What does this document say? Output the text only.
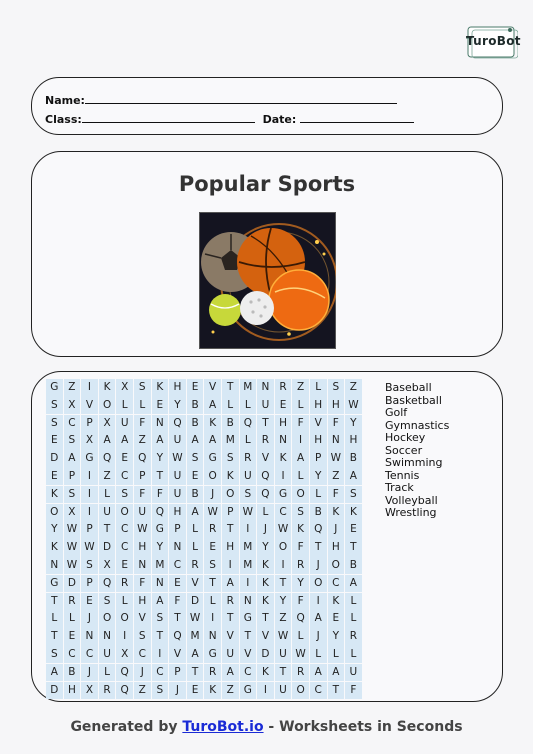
TuroBot
Name:
Class:	Date:
Popular Sports
G Z	I	K	X	S	K H E	V	T M N R Z	L	S	Z
S	X V O	L	L	E	Y	B A	L	L	U E	L	H H W
S	C	P	X U	F	N Q B	K	B Q T H	F	V	F	Y
E	S	X A A Z A U A A M L	R N	I	H N H
D A G Q E Q Y W S G S	R V	K	A	P W B
E	P	I	Z C	P	T	U E O K U Q	I	L	Y	Z A
K	S	I	L	S	F	F	U B	J	O S Q G O	L	F	S
O X	I	U O U Q H A W P W L	C	S	B	K	K
Y W P	T	C W G P	L	R	T	I	J	W K Q	J	E
K W W D C H Y N	L	E H M Y O F	T H T
N W S	X	E N M C R	S	I	M K	I	R	J	O B
G D P Q R	F	N E	V	T	A	I	K	T	Y O C A
T	R	E	S	L	H A	F	D	L	R N K	Y	F	I	K	L
L	L	J	O O V	S	T W	I	T G T	Z Q A	E	L
T	E N N	I	S	T Q M N V	T	V W L	J	Y	R
S	C C U X C	I	V A G U V D U W L	L	L
A B	J	L	Q	J	C	P	T	R A C K	T	R A A U
D H X R Q Z	S	J	E	K	Z G	I	U O C	T	F
Baseball
Basketball
Golf
Gymnastics
Hockey
Soccer
Swimming
Tennis
Track
Volleyball
Wrestling
Generated by TuroBot.io - Worksheets in Seconds
